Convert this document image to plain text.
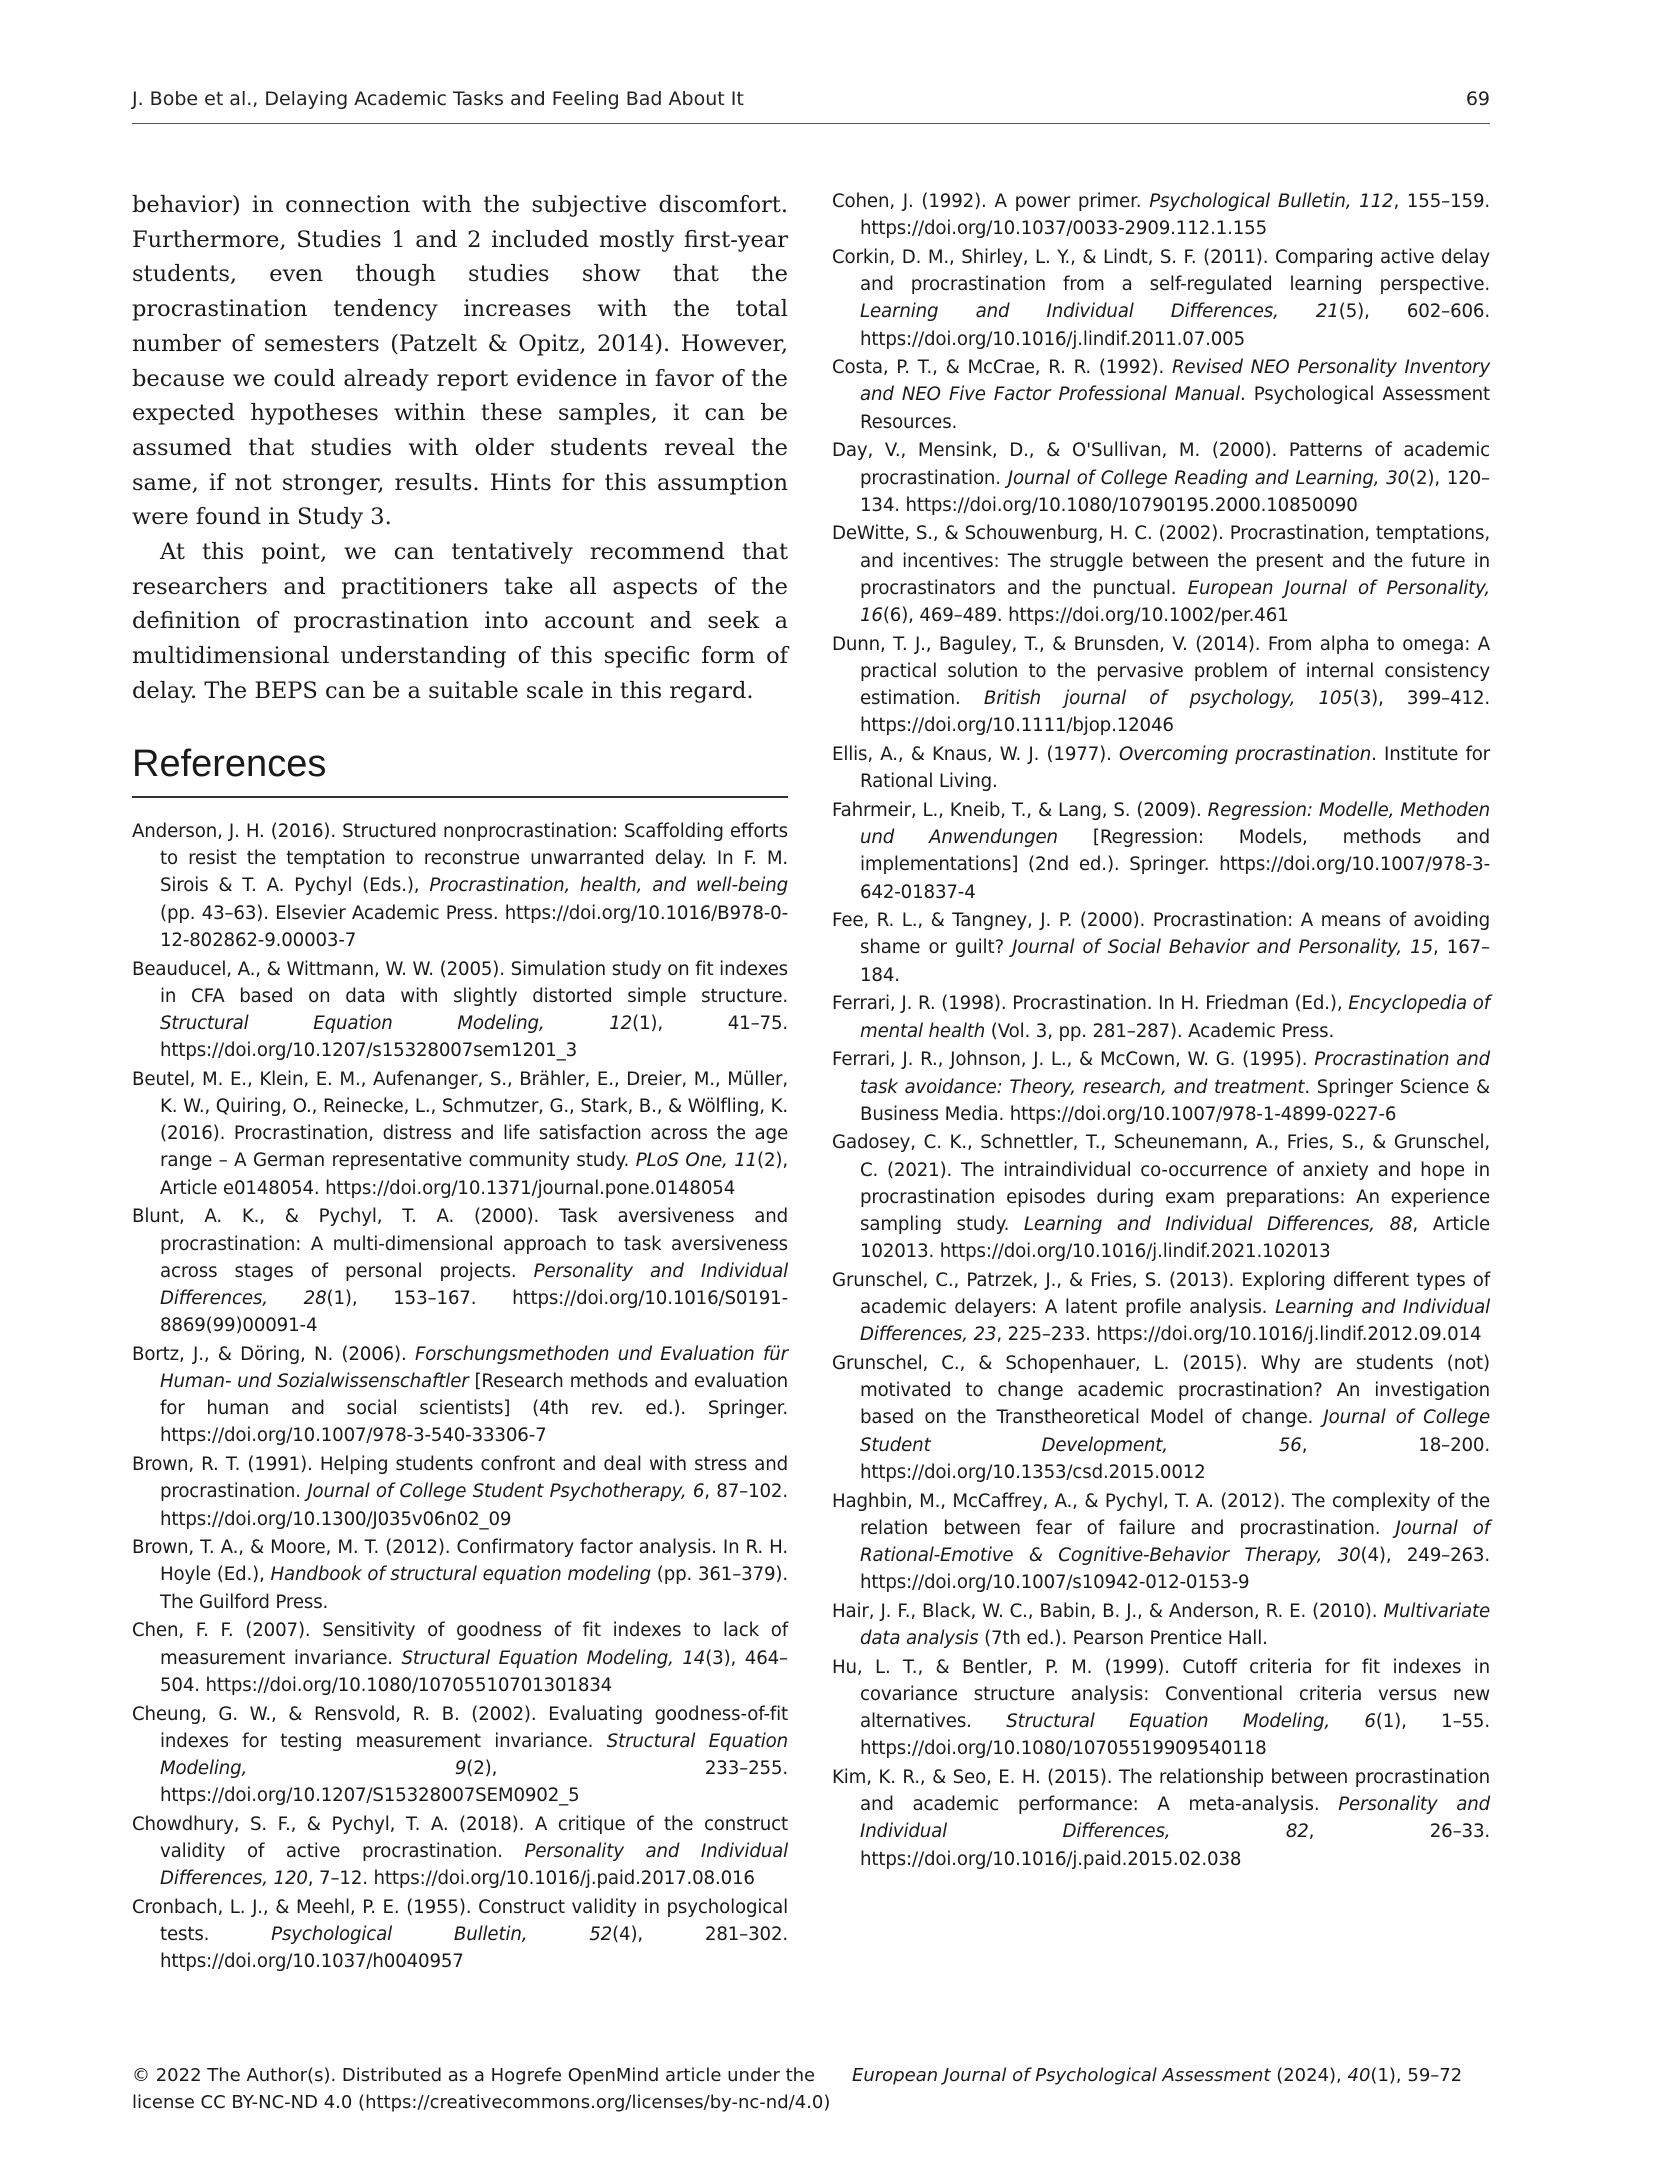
J. Bobe et al., Delaying Academic Tasks and Feeling Bad About It	69

behavior) in connection with the subjective discomfort. Furthermore, Studies 1 and 2 included mostly first-year students, even though studies show that the procrastination tendency increases with the total number of semesters (Patzelt & Opitz, 2014). However, because we could already report evidence in favor of the expected hypotheses within these samples, it can be assumed that studies with older students reveal the same, if not stronger, results. Hints for this assumption were found in Study 3.

At this point, we can tentatively recommend that researchers and practitioners take all aspects of the definition of procrastination into account and seek a multidimensional understanding of this specific form of delay. The BEPS can be a suitable scale in this regard.

References
Anderson, J. H. (2016). Structured nonprocrastination: Scaffolding efforts to resist the temptation to reconstrue unwarranted delay. In F. M. Sirois & T. A. Pychyl (Eds.), Procrastination, health, and well-being (pp. 43–63). Elsevier Academic Press. https://doi.org/10.1016/B978-0-12-802862-9.00003-7
Beauducel, A., & Wittmann, W. W. (2005). Simulation study on fit indexes in CFA based on data with slightly distorted simple structure. Structural Equation Modeling, 12(1), 41–75. https://doi.org/10.1207/s15328007sem1201_3
Beutel, M. E., Klein, E. M., Aufenanger, S., Brähler, E., Dreier, M., Müller, K. W., Quiring, O., Reinecke, L., Schmutzer, G., Stark, B., & Wölfling, K. (2016). Procrastination, distress and life satisfaction across the age range – A German representative community study. PLoS One, 11(2), Article e0148054. https://doi.org/10.1371/journal.pone.0148054
Blunt, A. K., & Pychyl, T. A. (2000). Task aversiveness and procrastination: A multi-dimensional approach to task aversiveness across stages of personal projects. Personality and Individual Differences, 28(1), 153–167. https://doi.org/10.1016/S0191-8869(99)00091-4
Bortz, J., & Döring, N. (2006). Forschungsmethoden und Evaluation für Human- und Sozialwissenschaftler [Research methods and evaluation for human and social scientists] (4th rev. ed.). Springer. https://doi.org/10.1007/978-3-540-33306-7
Brown, R. T. (1991). Helping students confront and deal with stress and procrastination. Journal of College Student Psychotherapy, 6, 87–102. https://doi.org/10.1300/J035v06n02_09
Brown, T. A., & Moore, M. T. (2012). Confirmatory factor analysis. In R. H. Hoyle (Ed.), Handbook of structural equation modeling (pp. 361–379). The Guilford Press.
Chen, F. F. (2007). Sensitivity of goodness of fit indexes to lack of measurement invariance. Structural Equation Modeling, 14(3), 464–504. https://doi.org/10.1080/10705510701301834
Cheung, G. W., & Rensvold, R. B. (2002). Evaluating goodness-of-fit indexes for testing measurement invariance. Structural Equation Modeling, 9(2), 233–255. https://doi.org/10.1207/S15328007SEM0902_5
Chowdhury, S. F., & Pychyl, T. A. (2018). A critique of the construct validity of active procrastination. Personality and Individual Differences, 120, 7–12. https://doi.org/10.1016/j.paid.2017.08.016
Cronbach, L. J., & Meehl, P. E. (1955). Construct validity in psychological tests. Psychological Bulletin, 52(4), 281–302. https://doi.org/10.1037/h0040957
Cohen, J. (1992). A power primer. Psychological Bulletin, 112, 155–159. https://doi.org/10.1037/0033-2909.112.1.155
Corkin, D. M., Shirley, L. Y., & Lindt, S. F. (2011). Comparing active delay and procrastination from a self-regulated learning perspective. Learning and Individual Differences, 21(5), 602–606. https://doi.org/10.1016/j.lindif.2011.07.005
Costa, P. T., & McCrae, R. R. (1992). Revised NEO Personality Inventory and NEO Five Factor Professional Manual. Psychological Assessment Resources.
Day, V., Mensink, D., & O'Sullivan, M. (2000). Patterns of academic procrastination. Journal of College Reading and Learning, 30(2), 120–134. https://doi.org/10.1080/10790195.2000.10850090
DeWitte, S., & Schouwenburg, H. C. (2002). Procrastination, temptations, and incentives: The struggle between the present and the future in procrastinators and the punctual. European Journal of Personality, 16(6), 469–489. https://doi.org/10.1002/per.461
Dunn, T. J., Baguley, T., & Brunsden, V. (2014). From alpha to omega: A practical solution to the pervasive problem of internal consistency estimation. British journal of psychology, 105(3), 399–412. https://doi.org/10.1111/bjop.12046
Ellis, A., & Knaus, W. J. (1977). Overcoming procrastination. Institute for Rational Living.
Fahrmeir, L., Kneib, T., & Lang, S. (2009). Regression: Modelle, Methoden und Anwendungen [Regression: Models, methods and implementations] (2nd ed.). Springer. https://doi.org/10.1007/978-3-642-01837-4
Fee, R. L., & Tangney, J. P. (2000). Procrastination: A means of avoiding shame or guilt? Journal of Social Behavior and Personality, 15, 167–184.
Ferrari, J. R. (1998). Procrastination. In H. Friedman (Ed.), Encyclopedia of mental health (Vol. 3, pp. 281–287). Academic Press.
Ferrari, J. R., Johnson, J. L., & McCown, W. G. (1995). Procrastination and task avoidance: Theory, research, and treatment. Springer Science & Business Media. https://doi.org/10.1007/978-1-4899-0227-6
Gadosey, C. K., Schnettler, T., Scheunemann, A., Fries, S., & Grunschel, C. (2021). The intraindividual co-occurrence of anxiety and hope in procrastination episodes during exam preparations: An experience sampling study. Learning and Individual Differences, 88, Article 102013. https://doi.org/10.1016/j.lindif.2021.102013
Grunschel, C., Patrzek, J., & Fries, S. (2013). Exploring different types of academic delayers: A latent profile analysis. Learning and Individual Differences, 23, 225–233. https://doi.org/10.1016/j.lindif.2012.09.014
Grunschel, C., & Schopenhauer, L. (2015). Why are students (not) motivated to change academic procrastination? An investigation based on the Transtheoretical Model of change. Journal of College Student Development, 56, 18–200. https://doi.org/10.1353/csd.2015.0012
Haghbin, M., McCaffrey, A., & Pychyl, T. A. (2012). The complexity of the relation between fear of failure and procrastination. Journal of Rational-Emotive & Cognitive-Behavior Therapy, 30(4), 249–263. https://doi.org/10.1007/s10942-012-0153-9
Hair, J. F., Black, W. C., Babin, B. J., & Anderson, R. E. (2010). Multivariate data analysis (7th ed.). Pearson Prentice Hall.
Hu, L. T., & Bentler, P. M. (1999). Cutoff criteria for fit indexes in covariance structure analysis: Conventional criteria versus new alternatives. Structural Equation Modeling, 6(1), 1–55. https://doi.org/10.1080/10705519909540118
Kim, K. R., & Seo, E. H. (2015). The relationship between procrastination and academic performance: A meta-analysis. Personality and Individual Differences, 82, 26–33. https://doi.org/10.1016/j.paid.2015.02.038
© 2022 The Author(s). Distributed as a Hogrefe OpenMind article under the license CC BY-NC-ND 4.0 (https://creativecommons.org/licenses/by-nc-nd/4.0)
European Journal of Psychological Assessment (2024), 40(1), 59–72
